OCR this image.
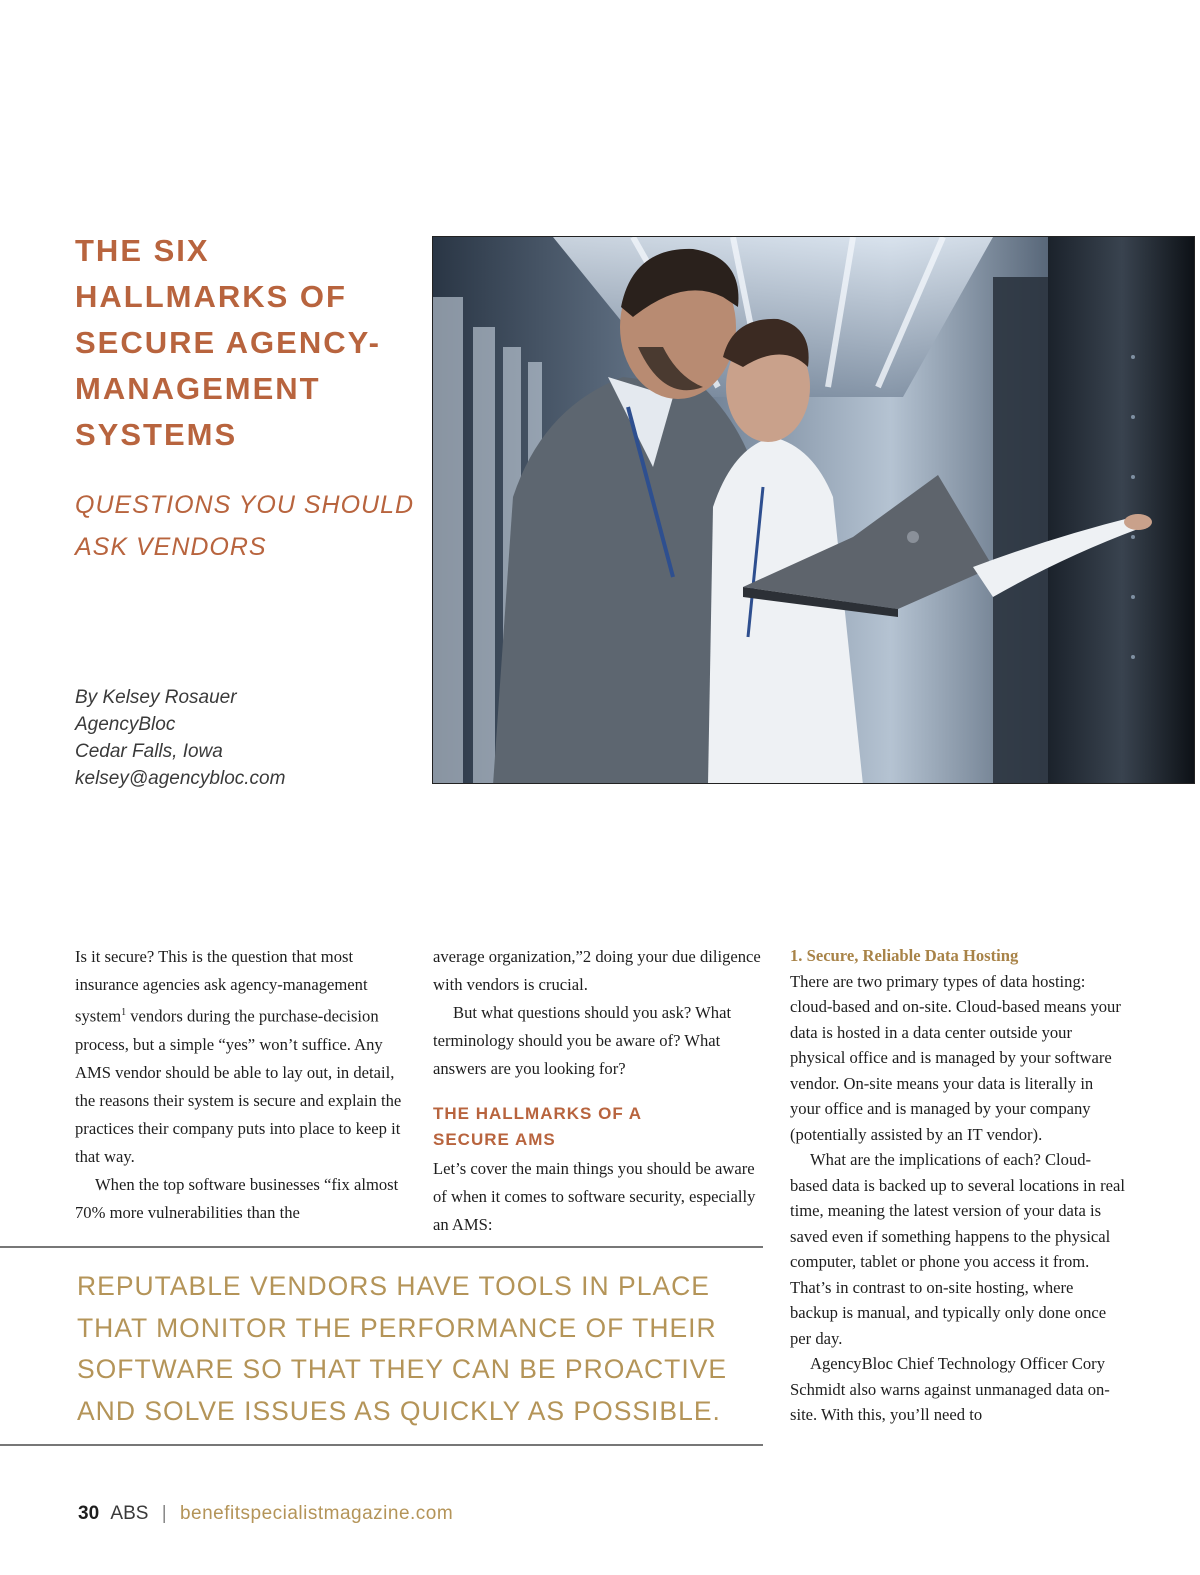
THE SIX HALLMARKS OF SECURE AGENCY-MANAGEMENT SYSTEMS
QUESTIONS YOU SHOULD ASK VENDORS
By Kelsey Rosauer
AgencyBloc
Cedar Falls, Iowa
kelsey@agencybloc.com

Is it secure? This is the question that most insurance agencies ask agency-management system$^1$ vendors during the purchase-decision process, but a simple “yes” won’t suffice. Any AMS vendor should be able to lay out, in detail, the reasons their system is secure and explain the practices their company puts into place to keep it that way.

When the top software businesses “fix almost 70% more vulnerabilities than the

average organization,”2 doing your due diligence with vendors is crucial.

But what questions should you ask? What terminology should you be aware of? What answers are you looking for?

THE HALLMARKS OF A SECURE AMS

Let’s cover the main things you should be aware of when it comes to software security, especially an AMS:

1. Secure, Reliable Data Hosting

There are two primary types of data hosting: cloud-based and on-site. Cloud-based means your data is hosted in a data center outside your physical office and is managed by your software vendor. On-site means your data is literally in your office and is managed by your company (potentially assisted by an IT vendor).

What are the implications of each? Cloud-based data is backed up to several locations in real time, meaning the latest version of your data is saved even if something happens to the physical computer, tablet or phone you access it from. That’s in contrast to on-site hosting, where backup is manual, and typically only done once per day.

AgencyBloc Chief Technology Officer Cory Schmidt also warns against unmanaged data on-site. With this, you’ll need to

REPUTABLE VENDORS HAVE TOOLS IN PLACE THAT MONITOR THE PERFORMANCE OF THEIR SOFTWARE SO THAT THEY CAN BE PROACTIVE AND SOLVE ISSUES AS QUICKLY AS POSSIBLE.
30 ABS | benefitspecialistmagazine.com
